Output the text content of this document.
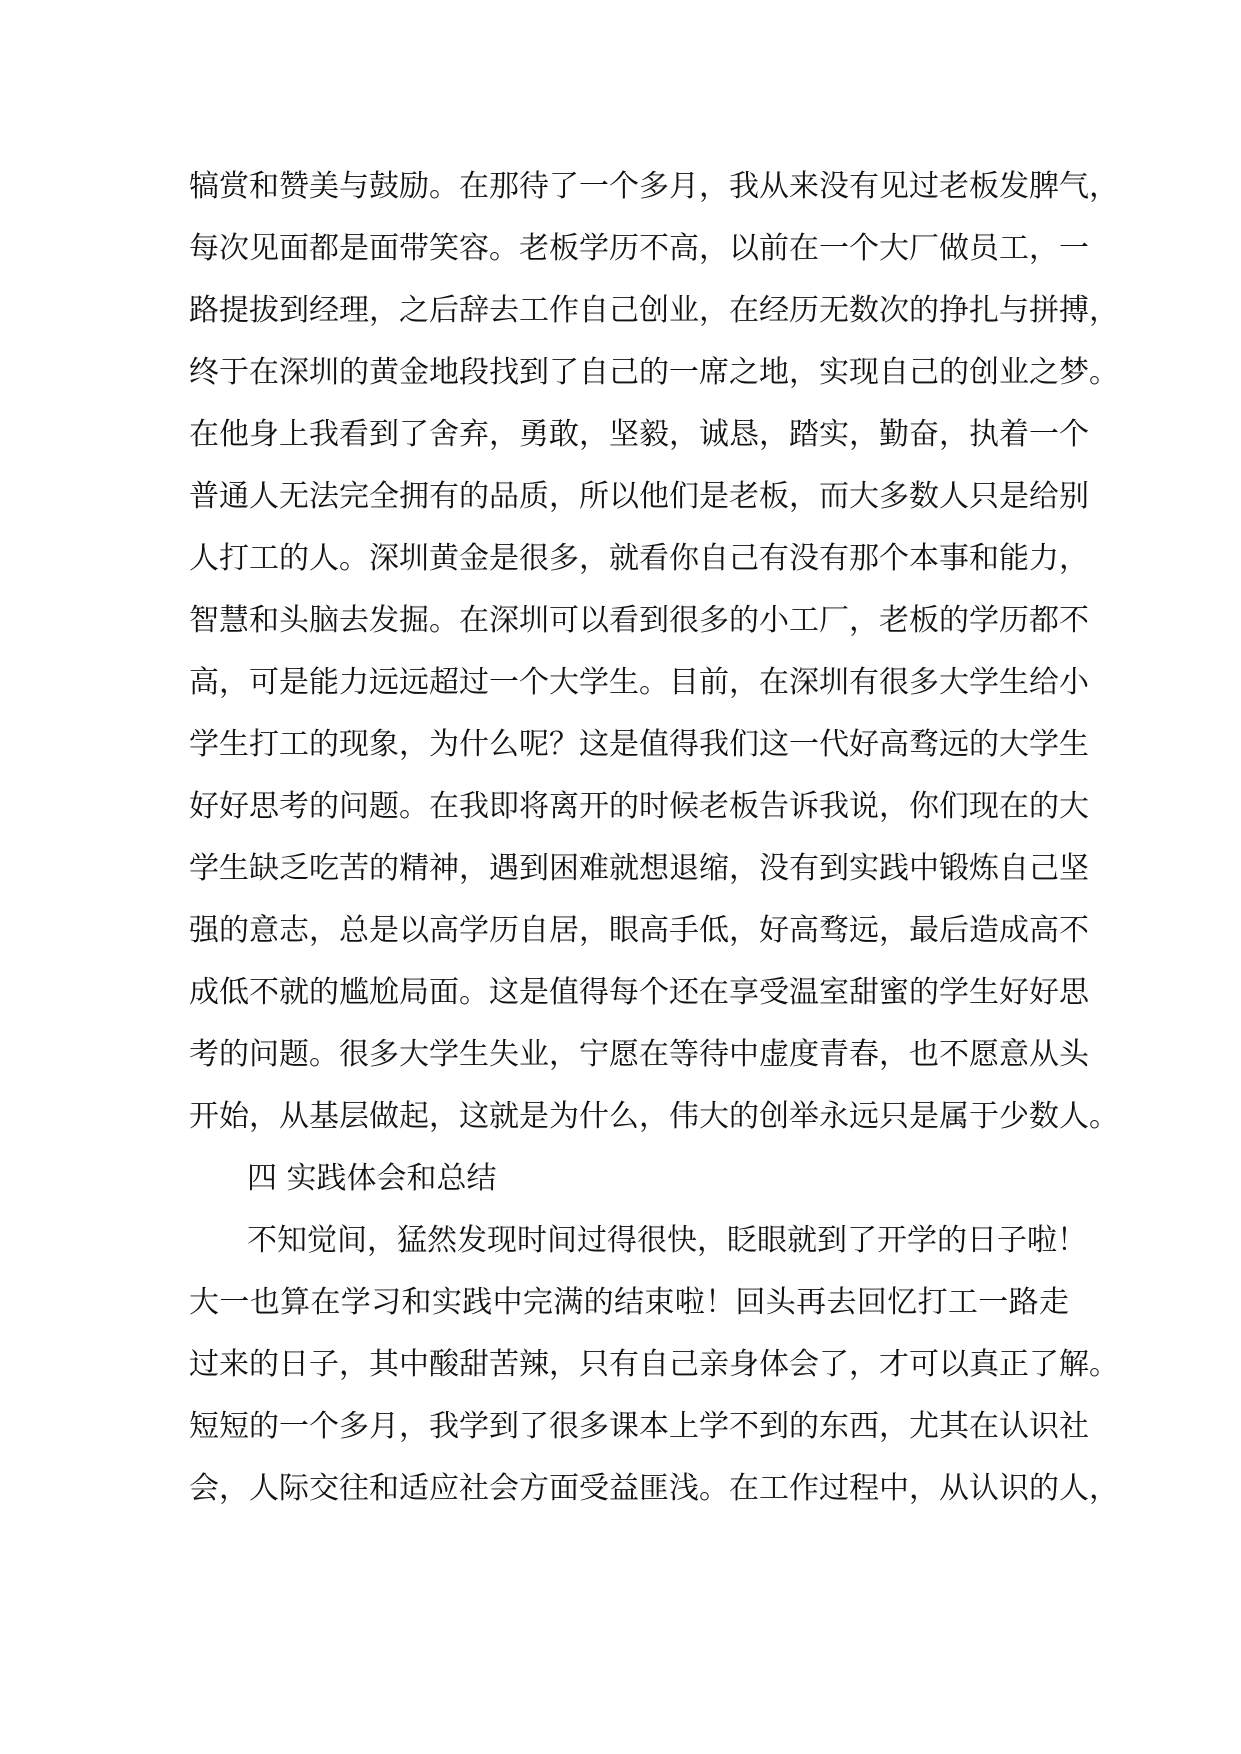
犒赏和赞美与鼓励。在那待了一个多月，我从来没有见过老板发脾气，
每次见面都是面带笑容。老板学历不高，以前在一个大厂做员工，一
路提拔到经理，之后辞去工作自己创业，在经历无数次的挣扎与拼搏，
终于在深圳的黄金地段找到了自己的一席之地，实现自己的创业之梦。
在他身上我看到了舍弃，勇敢，坚毅，诚恳，踏实，勤奋，执着一个
普通人无法完全拥有的品质，所以他们是老板，而大多数人只是给别
人打工的人。深圳黄金是很多，就看你自己有没有那个本事和能力，
智慧和头脑去发掘。在深圳可以看到很多的小工厂，老板的学历都不
高，可是能力远远超过一个大学生。目前，在深圳有很多大学生给小
学生打工的现象，为什么呢？这是值得我们这一代好高骛远的大学生
好好思考的问题。在我即将离开的时候老板告诉我说，你们现在的大
学生缺乏吃苦的精神，遇到困难就想退缩，没有到实践中锻炼自己坚
强的意志，总是以高学历自居，眼高手低，好高骛远，最后造成高不
成低不就的尴尬局面。这是值得每个还在享受温室甜蜜的学生好好思
考的问题。很多大学生失业，宁愿在等待中虚度青春，也不愿意从头
开始，从基层做起，这就是为什么，伟大的创举永远只是属于少数人。
四 实践体会和总结
不知觉间，猛然发现时间过得很快，眨眼就到了开学的日子啦！
大一也算在学习和实践中完满的结束啦！回头再去回忆打工一路走
过来的日子，其中酸甜苦辣，只有自己亲身体会了，才可以真正了解。
短短的一个多月，我学到了很多课本上学不到的东西，尤其在认识社
会，人际交往和适应社会方面受益匪浅。在工作过程中，从认识的人，
